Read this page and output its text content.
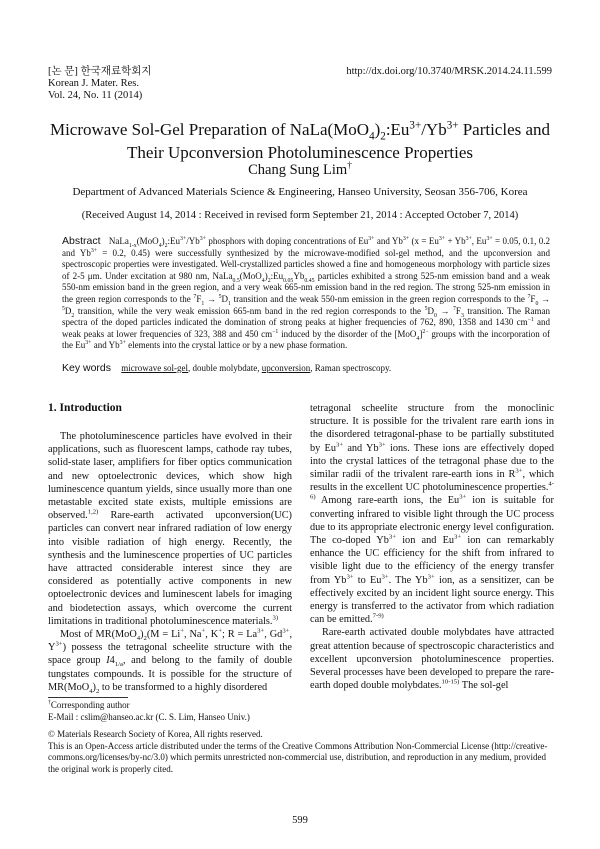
[논 문] 한국재료학회지
Korean J. Mater. Res.
Vol. 24, No. 11 (2014)
http://dx.doi.org/10.3740/MRSK.2014.24.11.599
Microwave Sol-Gel Preparation of $NaLa(MoO_4)_2:Eu^{3+}/Yb^{3+}$ Particles and
Their Upconversion Photoluminescence Properties
Chang Sung Lim†
Department of Advanced Materials Science & Engineering, Hanseo University, Seosan 356-706, Korea
(Received August 14, 2014 : Received in revised form September 21, 2014 : Accepted October 7, 2014)
Abstract $NaLa_{1-x}(MoO_4)_2:Eu^{3+}/Yb^{3+}$ phosphors with doping concentrations of $Eu^{3+}$ and $Yb^{3+}$ ($x = Eu^{3+} + Yb^{3+}$, $Eu^{3+} = 0.05$, 0.1, 0.2 and $Yb^{3+} = 0.2$, 0.45) were successfully synthesized by the microwave-modified sol-gel method, and the upconversion and spectroscopic properties were investigated. Well-crystallized particles showed a fine and homogeneous morphology with particle sizes of 2-5 μm. Under excitation at 980 nm, $NaLa_{0.5}(MoO_4)_2:Eu_{0.05}Yb_{0.45}$ particles exhibited a strong 525-nm emission band and a weak 550-nm emission band in the green region, and a very weak 665-nm emission band in the red region. The strong 525-nm emission in the green region corresponds to the $^7F_1 \to ^5D_1$ transition and the weak 550-nm emission in the green region corresponds to the $^7F_0 \to ^5D_2$ transition, while the very weak emission 665-nm band in the red region corresponds to the $^5D_0 \to ^7F_3$ transition. The Raman spectra of the doped particles indicated the domination of strong peaks at higher frequencies of 762, 890, 1358 and 1430 $cm^{-1}$ and weak peaks at lower frequencies of 323, 388 and 450 $cm^{-1}$ induced by the disorder of the $[MoO_4]^{2-}$ groups with the incorporation of the $Eu^{3+}$ and $Yb^{3+}$ elements into the crystal lattice or by a new phase formation.
Key words microwave sol-gel, double molybdate, upconversion, Raman spectroscopy.
1. Introduction

The photoluminescence particles have evolved in their applications, such as fluorescent lamps, cathode ray tubes, solid-state laser, amplifiers for fiber optics communication and new optoelectronic devices, which show high luminescence quantum yields, since usually more than one metastable excited state exists, multiple emissions are observed.$^{1,2)}$ Rare-earth activated upconversion(UC) particles can convert near infrared radiation of low energy into visible radiation of high energy. Recently, the synthesis and the luminescence properties of UC particles have attracted considerable interest since they are considered as potentially active components in new optoelectronic devices and luminescent labels for imaging and biodetection assays, which overcome the current limitations in traditional photoluminescence materials.$^{3)}$

Most of $MR(MoO_4)_2(M = Li^+$, Na+, K+; $R = La^{3+}$, $Gd^{3+}$, $Y^{3+}$) possess the tetragonal scheelite structure with the space group $I4_{1/a}$, and belong to the family of double tungstates compounds. It is possible for the structure of $MR(MoO_4)_2$ to be transformed to a highly disordered

tetragonal scheelite structure from the monoclinic structure. It is possible for the trivalent rare earth ions in the disordered tetragonal-phase to be partially substituted by $Eu^{3+}$ and $Yb^{3+}$ ions. These ions are effectively doped into the crystal lattices of the tetragonal phase due to the similar radii of the trivalent rare-earth ions in $R^{3+}$, which results in the excellent UC photoluminescence properties.$^{4-6)}$ Among rare-earth ions, the $Eu^{3+}$ ion is suitable for converting infrared to visible light through the UC process due to its appropriate electronic energy level configuration. The co-doped $Yb^{3+}$ ion and $Eu^{3+}$ ion can remarkably enhance the UC efficiency for the shift from infrared to visible light due to the efficiency of the energy transfer from $Yb^{3+}$ to $Eu^{3+}$. The $Yb^{3+}$ ion, as a sensitizer, can be effectively excited by an incident light source energy. This energy is transferred to the activator from which radiation can be emitted.$^{7-9)}$

Rare-earth activated double molybdates have attracted great attention because of spectroscopic characteristics and excellent upconversion photoluminescence properties. Several processes have been developed to prepare the rare-earth doped double molybdates.$^{10-15)}$ The sol-gel

†Corresponding author
E-Mail : cslim@hanseo.ac.kr (C. S. Lim, Hanseo Univ.)
© Materials Research Society of Korea, All rights reserved.
This is an Open-Access article distributed under the terms of the Creative Commons Attribution Non-Commercial License (http://creative-commons.org/licenses/by-nc/3.0) which permits unrestricted non-commercial use, distribution, and reproduction in any medium, provided the original work is properly cited.
599
